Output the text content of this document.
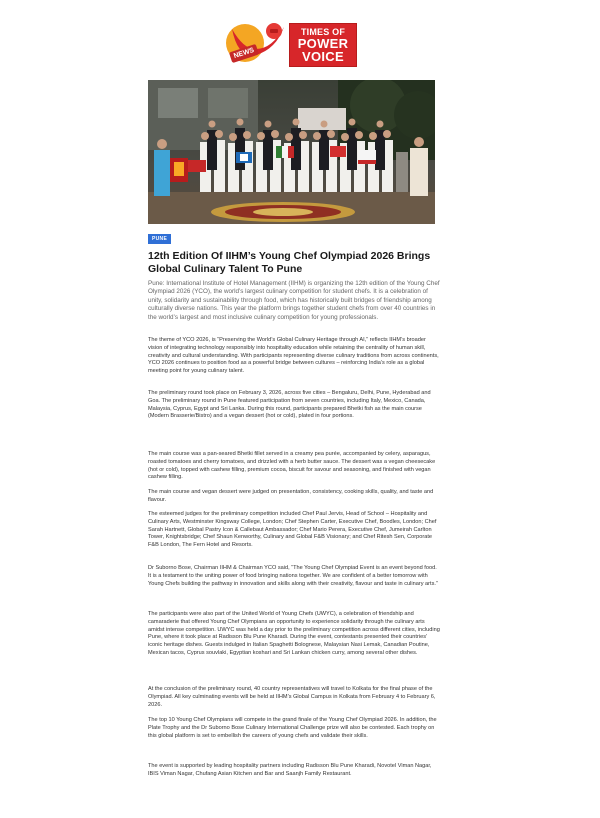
NEWS
TIMES OF
POWER
VOICE
PUNE
12th Edition Of IIHM’s Young Chef Olympiad 2026 Brings Global Culinary Talent To Pune

Pune: International Institute of Hotel Management (IIHM) is organizing the 12th edition of the Young Chef Olympiad 2026 (YCO), the world’s largest culinary competition for student chefs. It is a celebration of unity, solidarity and sustainability through food, which has historically built bridges of friendship among culturally diverse nations. This year the platform brings together student chefs from over 40 countries in the world’s largest and most inclusive culinary competition for young professionals.

The theme of YCO 2026, is “Preserving the World’s Global Culinary Heritage through AI,” reflects IIHM’s broader vision of integrating technology responsibly into hospitality education while retaining the centrality of human skill, creativity and cultural understanding. With participants representing diverse culinary traditions from across continents, YCO 2026 continues to position food as a powerful bridge between cultures – reinforcing India’s role as a global meeting point for young culinary talent.

The preliminary round took place on February 3, 2026, across five cities – Bengaluru, Delhi, Pune, Hyderabad and Goa. The preliminary round in Pune featured participation from seven countries, including Italy, Mexico, Canada, Malaysia, Cyprus, Egypt and Sri Lanka. During this round, participants prepared Bhetki fish as the main course (Modern Brasserie/Bistro) and a vegan dessert (hot or cold), plated in four portions.

The main course was a pan-seared Bhetki fillet served in a creamy pea purée, accompanied by celery, asparagus, roasted tomatoes and cherry tomatoes, and drizzled with a herb butter sauce. The dessert was a vegan cheesecake (hot or cold), topped with cashew filling, premium cocoa, biscuit for savour and seasoning, and finished with vegan cashew filling.

The main course and vegan dessert were judged on presentation, consistency, cooking skills, quality, and taste and flavour.

The esteemed judges for the preliminary competition included Chef Paul Jervis, Head of School – Hospitality and Culinary Arts, Westminster Kingsway College, London; Chef Stephen Carter, Executive Chef, Boodles, London; Chef Sarah Hartnett, Global Pastry Icon & Callebaut Ambassador; Chef Mario Perera, Executive Chef, Jumeirah Carlton Tower, Knightsbridge; Chef Shaun Kenworthy, Culinary and Global F&B Visionary; and Chef Ritesh Sen, Corporate F&B London, The Fern Hotel and Resorts.

Dr Suborno Bose, Chairman IIHM & Chairman YCO said, “The Young Chef Olympiad Event is an event beyond food. It is a testament to the uniting power of food bringing nations together. We are confident of a better tomorrow with Young Chefs building the pathway in innovation and skills along with their creativity, flavour and taste in culinary arts.”

The participants were also part of the United World of Young Chefs (UWYC), a celebration of friendship and camaraderie that offered Young Chef Olympians an opportunity to experience solidarity through the culinary arts amidst intense competition. UWYC was held a day prior to the preliminary competition across different cities, including Pune, where it took place at Radisson Blu Pune Kharadi. During the event, contestants presented their countries’ iconic heritage dishes. Guests indulged in Italian Spaghetti Bolognese, Malaysian Nasi Lemak, Canadian Poutine, Mexican tacos, Cyprus souvlaki, Egyptian koshari and Sri Lankan chicken curry, among several other dishes.

At the conclusion of the preliminary round, 40 country representatives will travel to Kolkata for the final phase of the Olympiad. All key culminating events will be held at IIHM’s Global Campus in Kolkata from February 4 to February 6, 2026.

The top 10 Young Chef Olympians will compete in the grand finale of the Young Chef Olympiad 2026. In addition, the Plate Trophy and the Dr Suborno Bose Culinary International Challenge prize will also be contested. Each trophy on this global platform is set to embellish the careers of young chefs and validate their skills.

The event is supported by leading hospitality partners including Radisson Blu Pune Kharadi, Novotel Viman Nagar, IBIS Viman Nagar, Chufang Asian Kitchen and Bar and Saanjh Family Restaurant.
